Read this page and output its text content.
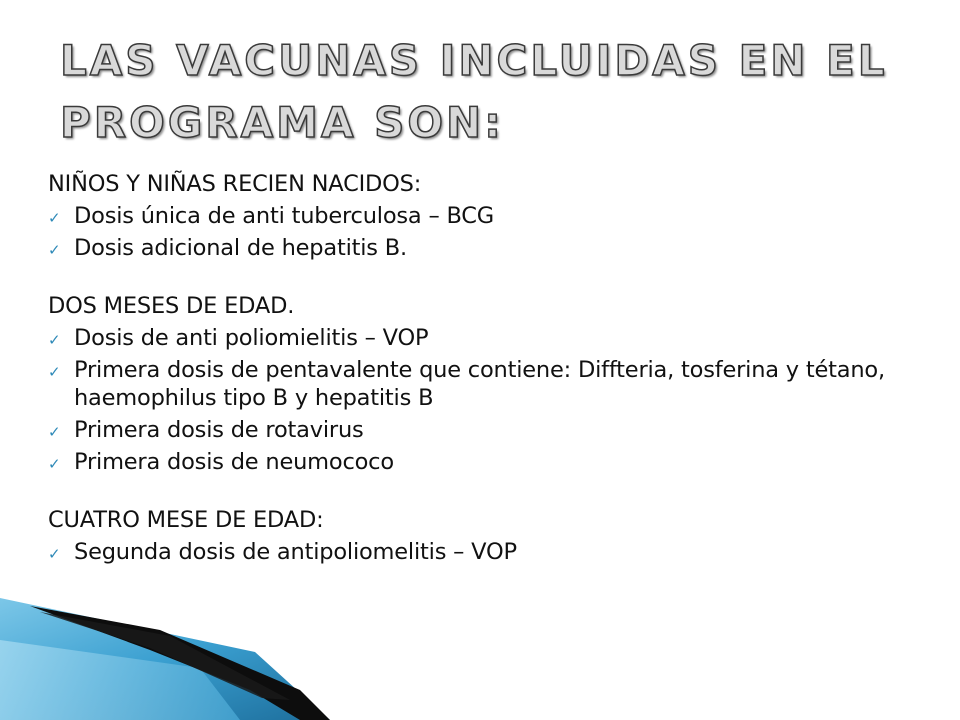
LAS VACUNAS INCLUIDAS EN EL PROGRAMA SON:

NIÑOS Y NIÑAS RECIEN NACIDOS:

✓ Dosis única de anti tuberculosa – BCG

✓ Dosis adicional de hepatitis B.

DOS MESES DE EDAD.

✓ Dosis de anti poliomielitis – VOP

✓ Primera dosis de pentavalente que contiene: Diffteria, tosferina y tétano, haemophilus tipo B y hepatitis B

✓ Primera dosis de rotavirus

✓ Primera dosis de neumococo

CUATRO MESE DE EDAD:

✓ Segunda dosis de antipoliomelitis – VOP
